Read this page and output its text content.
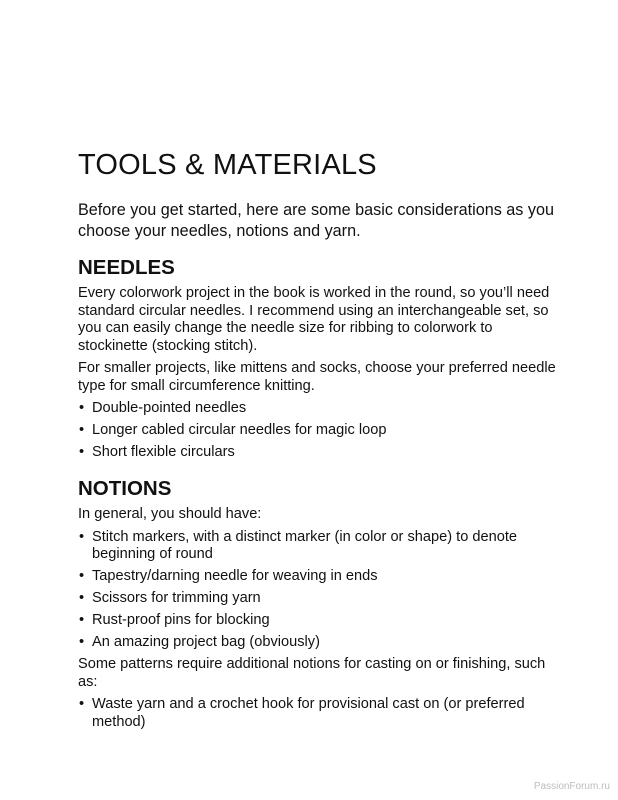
TOOLS & MATERIALS

Before you get started, here are some basic considerations as you choose your needles, notions and yarn.

NEEDLES

Every colorwork project in the book is worked in the round, so you’ll need standard circular needles. I recommend using an interchangeable set, so you can easily change the needle size for ribbing to colorwork to stockinette (stocking stitch).

For smaller projects, like mittens and socks, choose your preferred needle type for small circumference knitting.

• Double-pointed needles
• Longer cabled circular needles for magic loop
• Short flexible circulars
NOTIONS

In general, you should have:

• Stitch markers, with a distinct marker (in color or shape) to denote beginning of round
• Tapestry/darning needle for weaving in ends
• Scissors for trimming yarn
• Rust-proof pins for blocking
• An amazing project bag (obviously)

Some patterns require additional notions for casting on or finishing, such as:

• Waste yarn and a crochet hook for provisional cast on (or preferred method)
PassionForum.ru
